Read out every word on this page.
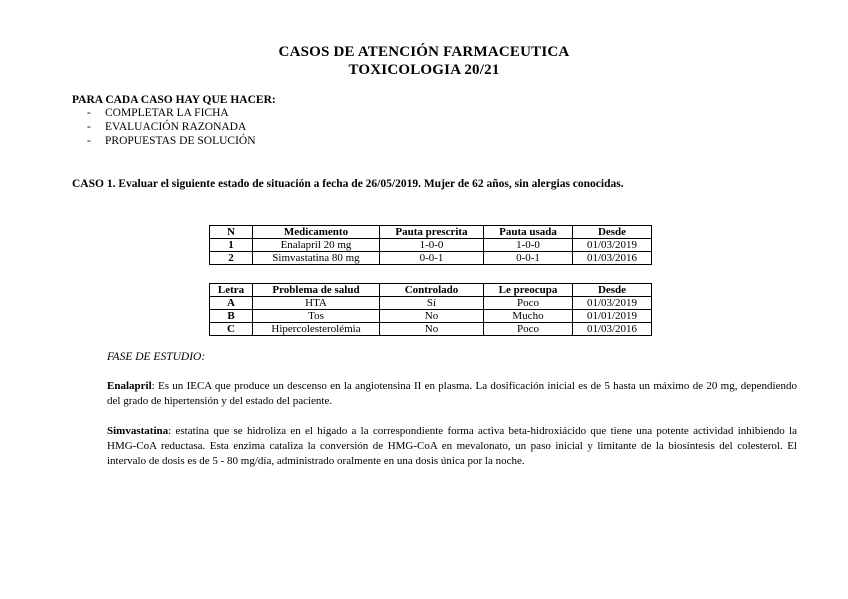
CASOS DE ATENCIÓN FARMACEUTICA
TOXICOLOGIA 20/21
PARA CADA CASO HAY QUE HACER:
- COMPLETAR LA FICHA
- EVALUACIÓN RAZONADA
- PROPUESTAS DE SOLUCIÓN
CASO 1. Evaluar el siguiente estado de situación a fecha de 26/05/2019. Mujer de 62 años, sin alergias conocidas.
N	Medicamento	Pauta prescrita	Pauta usada	Desde
1	Enalapril 20 mg	1-0-0	1-0-0	01/03/2019
2	Simvastatina 80 mg	0-0-1	0-0-1	01/03/2016
Letra	Problema de salud	Controlado	Le preocupa	Desde
A	HTA	Sí	Poco	01/03/2019
B	Tos	No	Mucho	01/01/2019
C	Hipercolesterolémia	No	Poco	01/03/2016
FASE DE ESTUDIO:
Enalapril: Es un IECA que produce un descenso en la angiotensina II en plasma. La dosificación inicial es de 5 hasta un máximo de 20 mg, dependiendo del grado de hipertensión y del estado del paciente.
Simvastatina: estatina que se hidroliza en el hígado a la correspondiente forma activa beta-hidroxiácido que tiene una potente actividad inhibiendo la HMG-CoA reductasa. Esta enzima cataliza la conversión de HMG-CoA en mevalonato, un paso inicial y limitante de la biosíntesis del colesterol. El intervalo de dosis es de 5 - 80 mg/día, administrado oralmente en una dosis única por la noche.
